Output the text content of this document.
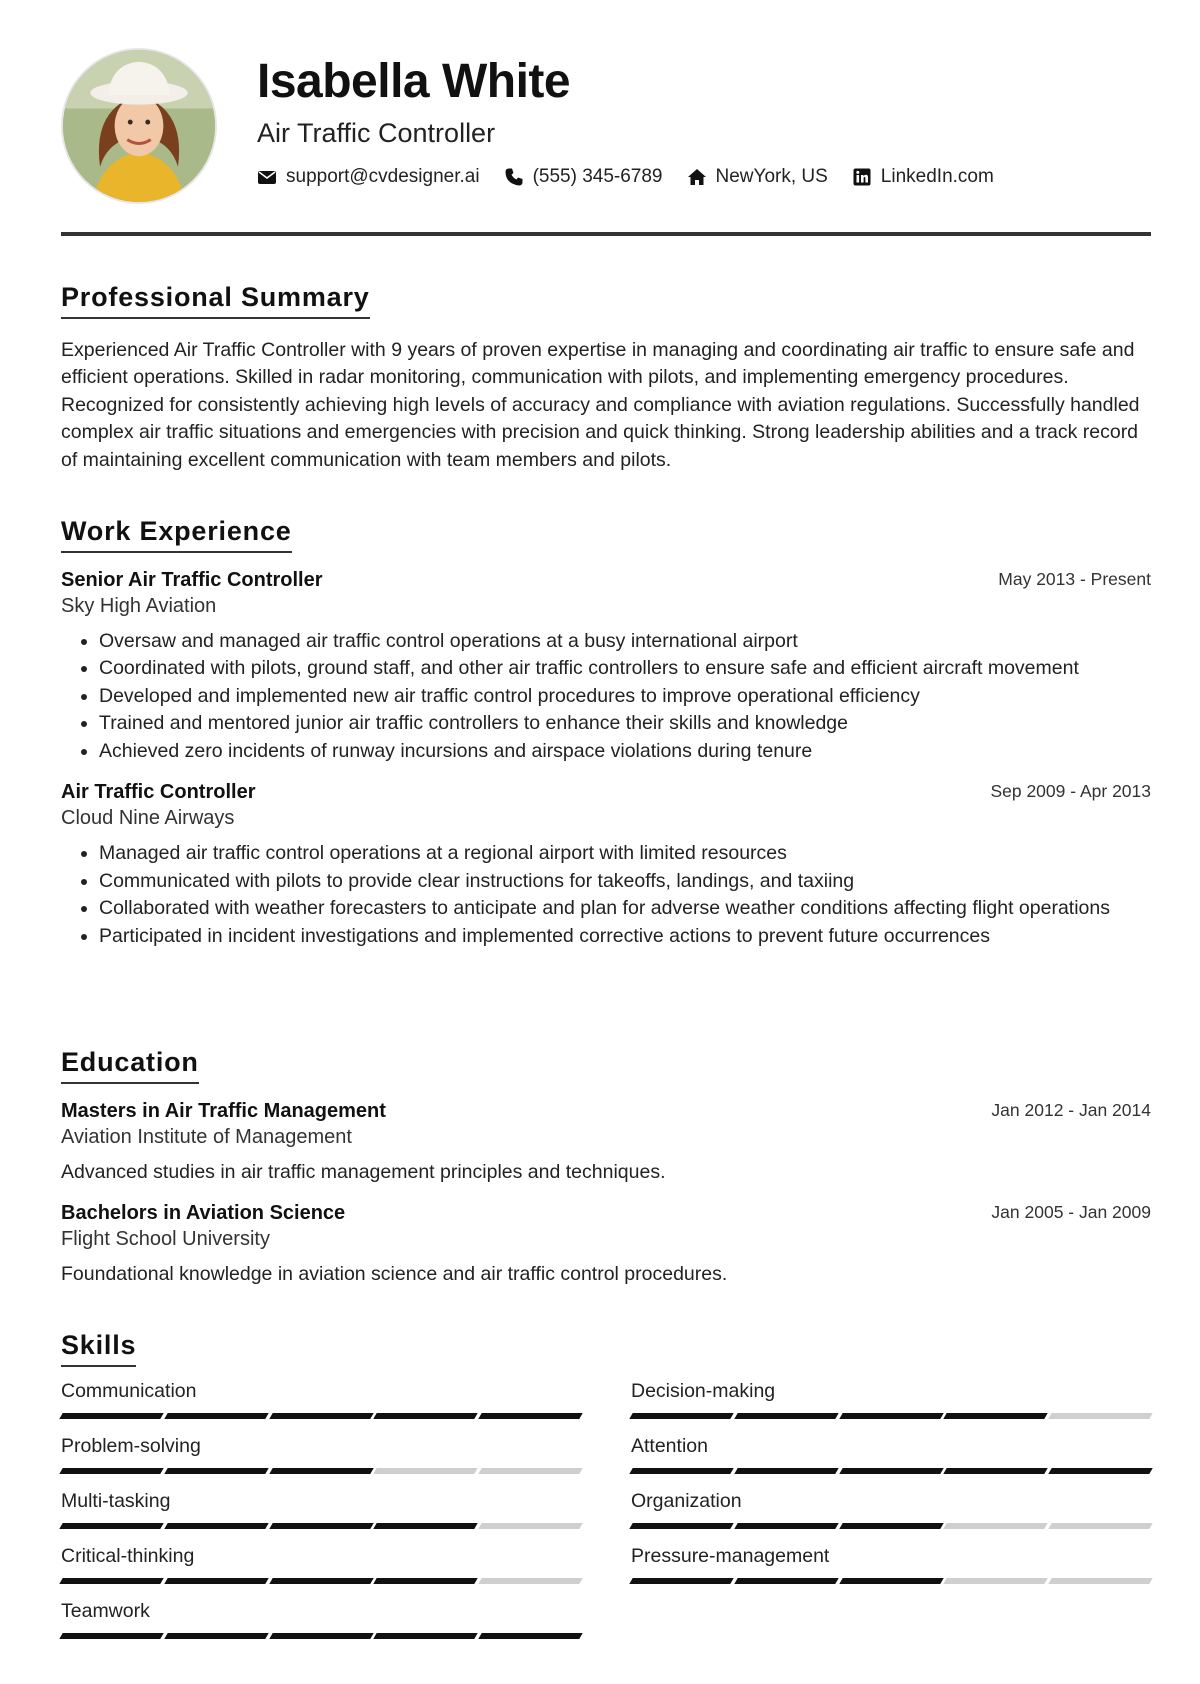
Isabella White
Air Traffic Controller
support@cvdesigner.ai	(555) 345-6789	NewYork, US	LinkedIn.com
Professional Summary

Experienced Air Traffic Controller with 9 years of proven expertise in managing and coordinating air traffic to ensure safe and efficient operations. Skilled in radar monitoring, communication with pilots, and implementing emergency procedures. Recognized for consistently achieving high levels of accuracy and compliance with aviation regulations. Successfully handled complex air traffic situations and emergencies with precision and quick thinking. Strong leadership abilities and a track record of maintaining excellent communication with team members and pilots.

Work Experience
Senior Air Traffic Controller	May 2013 - Present
Sky High Aviation
• Oversaw and managed air traffic control operations at a busy international airport
• Coordinated with pilots, ground staff, and other air traffic controllers to ensure safe and efficient aircraft movement
• Developed and implemented new air traffic control procedures to improve operational efficiency
• Trained and mentored junior air traffic controllers to enhance their skills and knowledge
• Achieved zero incidents of runway incursions and airspace violations during tenure
Air Traffic Controller	Sep 2009 - Apr 2013
Cloud Nine Airways
• Managed air traffic control operations at a regional airport with limited resources
• Communicated with pilots to provide clear instructions for takeoffs, landings, and taxiing
• Collaborated with weather forecasters to anticipate and plan for adverse weather conditions affecting flight operations
• Participated in incident investigations and implemented corrective actions to prevent future occurrences
Education
Masters in Air Traffic Management	Jan 2012 - Jan 2014
Aviation Institute of Management
Advanced studies in air traffic management principles and techniques.
Bachelors in Aviation Science	Jan 2005 - Jan 2009
Flight School University
Foundational knowledge in aviation science and air traffic control procedures.
Skills
Communication	Decision-making
Problem-solving	Attention
Multi-tasking	Organization
Critical-thinking	Pressure-management
Teamwork
